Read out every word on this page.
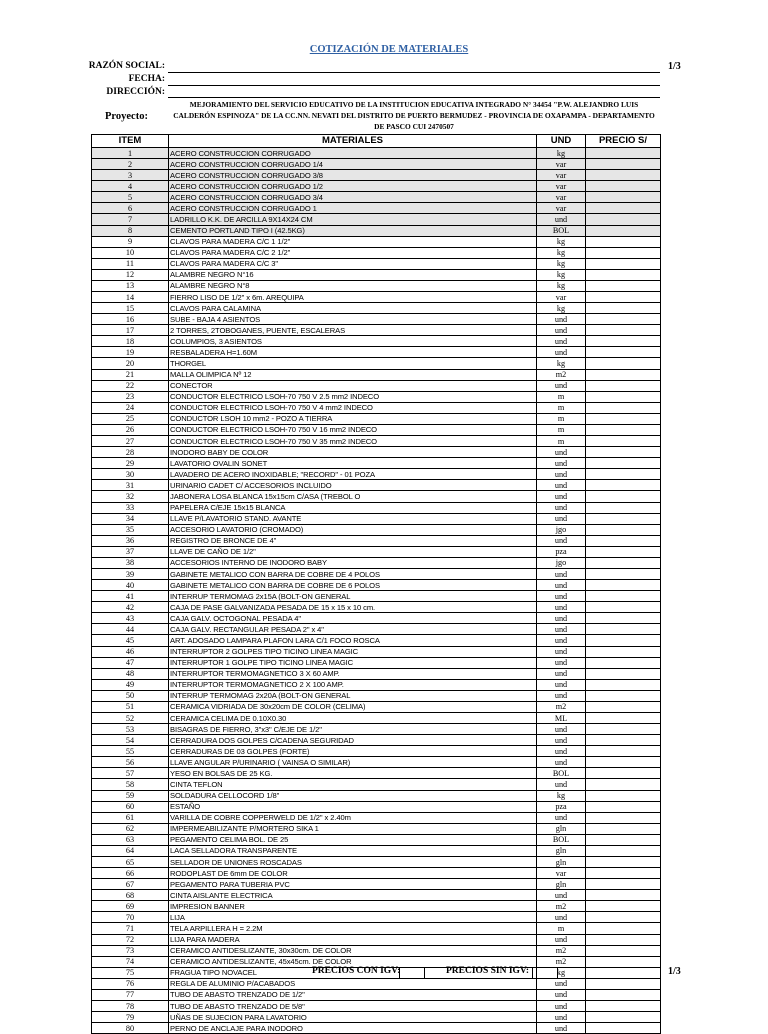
COTIZACIÓN DE MATERIALES
RAZÓN SOCIAL:	1/3
FECHA:
DIRECCIÓN:
Proyecto:
MEJORAMIENTO DEL SERVICIO EDUCATIVO DE LA INSTITUCION EDUCATIVA INTEGRADO N° 34454 "P.W. ALEJANDRO LUIS CALDERÓN ESPINOZA" DE LA CC.NN. NEVATI DEL DISTRITO DE PUERTO BERMUDEZ - PROVINCIA DE OXAPAMPA - DEPARTAMENTO DE PASCO CUI 2470507
ITEM	MATERIALES	UND	PRECIO S/
1	ACERO CONSTRUCCION CORRUGADO	kg	
2	ACERO CONSTRUCCION CORRUGADO 1/4	var	
3	ACERO CONSTRUCCION CORRUGADO 3/8	var	
4	ACERO CONSTRUCCION CORRUGADO 1/2	var	
5	ACERO CONSTRUCCION CORRUGADO 3/4	var	
6	ACERO CONSTRUCCION CORRUGADO 1	var	
7	LADRILLO K.K. DE ARCILLA 9X14X24 CM	und	
8	CEMENTO PORTLAND TIPO I (42.5KG)	BOL	
9	CLAVOS PARA MADERA C/C 1 1/2"	kg	
10	CLAVOS PARA MADERA C/C 2 1/2"	kg	
11	CLAVOS PARA MADERA C/C 3"	kg	
12	ALAMBRE NEGRO N°16	kg	
13	ALAMBRE NEGRO N°8	kg	
14	FIERRO LISO DE 1/2" x 6m. AREQUIPA	var	
15	CLAVOS PARA CALAMINA	kg	
16	SUBE - BAJA 4 ASIENTOS	und	
17	2 TORRES, 2TOBOGANES, PUENTE, ESCALERAS	und	
18	COLUMPIOS, 3 ASIENTOS	und	
19	RESBALADERA H=1.60M	und	
20	THORGEL	kg	
21	MALLA OLIMPICA Nº 12	m2	
22	CONECTOR	und	
23	CONDUCTOR ELECTRICO LSOH-70 750 V 2.5 mm2 INDECO	m	
24	CONDUCTOR ELECTRICO LSOH-70 750 V 4 mm2 INDECO	m	
25	CONDUCTOR LSOH 10 mm2 - POZO A TIERRA	m	
26	CONDUCTOR ELECTRICO LSOH-70 750 V 16 mm2 INDECO	m	
27	CONDUCTOR ELECTRICO LSOH-70 750 V 35 mm2 INDECO	m	
28	INODORO BABY DE COLOR	und	
29	LAVATORIO OVALIN SONET	und	
30	LAVADERO DE ACERO INOXIDABLE; "RECORD" - 01 POZA	und	
31	URINARIO CADET C/ ACCESORIOS INCLUIDO	und	
32	JABONERA LOSA BLANCA 15x15cm C/ASA (TREBOL O	und	
33	PAPELERA C/EJE 15x15 BLANCA	und	
34	LLAVE P/LAVATORIO STAND. AVANTE	und	
35	ACCESORIO LAVATORIO (CROMADO)	jgo	
36	REGISTRO DE BRONCE DE 4"	und	
37	LLAVE DE CAÑO DE 1/2"	pza	
38	ACCESORIOS INTERNO DE INODORO BABY	jgo	
39	GABINETE METALICO CON BARRA DE COBRE DE 4 POLOS	und	
40	GABINETE METALICO CON BARRA DE COBRE DE 6 POLOS	und	
41	INTERRUP TERMOMAG 2x15A (BOLT-ON GENERAL	und	
42	CAJA DE PASE GALVANIZADA PESADA DE 15 x 15 x 10 cm.	und	
43	CAJA GALV. OCTOGONAL PESADA 4"	und	
44	CAJA GALV. RECTANGULAR PESADA 2" x 4"	und	
45	ART. ADOSADO LAMPARA PLAFON LARA C/1 FOCO ROSCA	und	
46	INTERRUPTOR 2 GOLPES TIPO TICINO LINEA MAGIC	und	
47	INTERRUPTOR 1 GOLPE TIPO TICINO LINEA MAGIC	und	
48	INTERRUPTOR TERMOMAGNETICO 3 X 60 AMP.	und	
49	INTERRUPTOR TERMOMAGNETICO 2 X 100 AMP.	und	
50	INTERRUP TERMOMAG 2x20A (BOLT-ON GENERAL	und	
51	CERAMICA VIDRIADA DE 30x20cm DE COLOR (CELIMA)	m2	
52	CERAMICA CELIMA DE 0.10X0.30	ML	
53	BISAGRAS DE FIERRO, 3"x3" C/EJE DE 1/2"	und	
54	CERRADURA DOS GOLPES C/CADENA SEGURIDAD	und	
55	CERRADURAS DE 03 GOLPES (FORTE)	und	
56	LLAVE ANGULAR P/URINARIO ( VAINSA O SIMILAR)	und	
57	YESO EN BOLSAS DE 25 KG.	BOL	
58	CINTA TEFLON	und	
59	SOLDADURA CELLOCORD 1/8"	kg	
60	ESTAÑO	pza	
61	VARILLA DE COBRE COPPERWELD DE 1/2" x 2.40m	und	
62	IMPERMEABILIZANTE P/MORTERO SIKA 1	gln	
63	PEGAMENTO CELIMA BOL. DE 25	BOL	
64	LACA SELLADORA TRANSPARENTE	gln	
65	SELLADOR DE UNIONES ROSCADAS	gln	
66	RODOPLAST DE 6mm DE COLOR	var	
67	PEGAMENTO PARA TUBERIA PVC	gln	
68	CINTA AISLANTE ELECTRICA	und	
69	IMPRESION BANNER	m2	
70	LIJA	und	
71	TELA ARPILLERA H = 2.2M	m	
72	LIJA PARA MADERA	und	
73	CERAMICO ANTIDESLIZANTE, 30x30cm. DE COLOR	m2	
74	CERAMICO ANTIDESLIZANTE, 45x45cm. DE COLOR	m2	
75	FRAGUA TIPO NOVACEL	kg	
76	REGLA DE ALUMINIO P/ACABADOS	und	
77	TUBO DE ABASTO TRENZADO DE 1/2"	und	
78	TUBO DE ABASTO TRENZADO DE 5/8"	und	
79	UÑAS DE SUJECION PARA LAVATORIO	und	
80	PERNO DE ANCLAJE PARA INODORO	und	
PRECIOS CON IGV:	PRECIOS SIN IGV:	1/3
